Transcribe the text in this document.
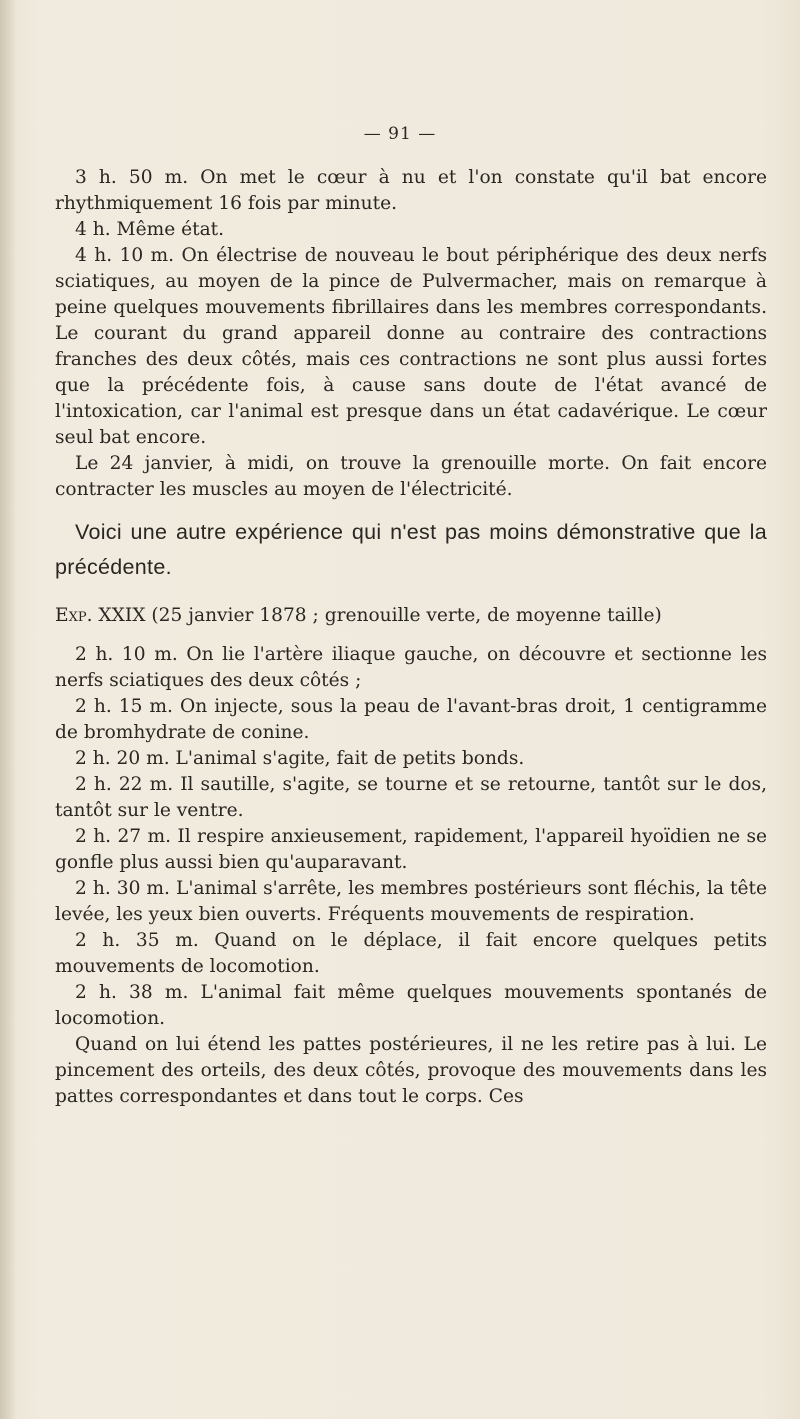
— 91 —

3 h. 50 m. On met le cœur à nu et l'on constate qu'il bat encore rhythmiquement 16 fois par minute.

4 h. Même état.

4 h. 10 m. On électrise de nouveau le bout périphérique des deux nerfs sciatiques, au moyen de la pince de Pulvermacher, mais on remarque à peine quelques mouvements fibrillaires dans les membres correspondants. Le courant du grand appareil donne au contraire des contractions franches des deux côtés, mais ces contractions ne sont plus aussi fortes que la précédente fois, à cause sans doute de l'état avancé de l'intoxication, car l'animal est presque dans un état cadavérique. Le cœur seul bat encore.

Le 24 janvier, à midi, on trouve la grenouille morte. On fait encore contracter les muscles au moyen de l'électricité.

Voici une autre expérience qui n'est pas moins démonstrative que la précédente.

Exp. XXIX (25 janvier 1878 ; grenouille verte, de moyenne taille)

2 h. 10 m. On lie l'artère iliaque gauche, on découvre et sectionne les nerfs sciatiques des deux côtés ;

2 h. 15 m. On injecte, sous la peau de l'avant-bras droit, 1 centigramme de bromhydrate de conine.

2 h. 20 m. L'animal s'agite, fait de petits bonds.

2 h. 22 m. Il sautille, s'agite, se tourne et se retourne, tantôt sur le dos, tantôt sur le ventre.

2 h. 27 m. Il respire anxieusement, rapidement, l'appareil hyoïdien ne se gonfle plus aussi bien qu'auparavant.

2 h. 30 m. L'animal s'arrête, les membres postérieurs sont fléchis, la tête levée, les yeux bien ouverts. Fréquents mouvements de respiration.

2 h. 35 m. Quand on le déplace, il fait encore quelques petits mouvements de locomotion.

2 h. 38 m. L'animal fait même quelques mouvements spontanés de locomotion.

Quand on lui étend les pattes postérieures, il ne les retire pas à lui. Le pincement des orteils, des deux côtés, provoque des mouvements dans les pattes correspondantes et dans tout le corps. Ces
